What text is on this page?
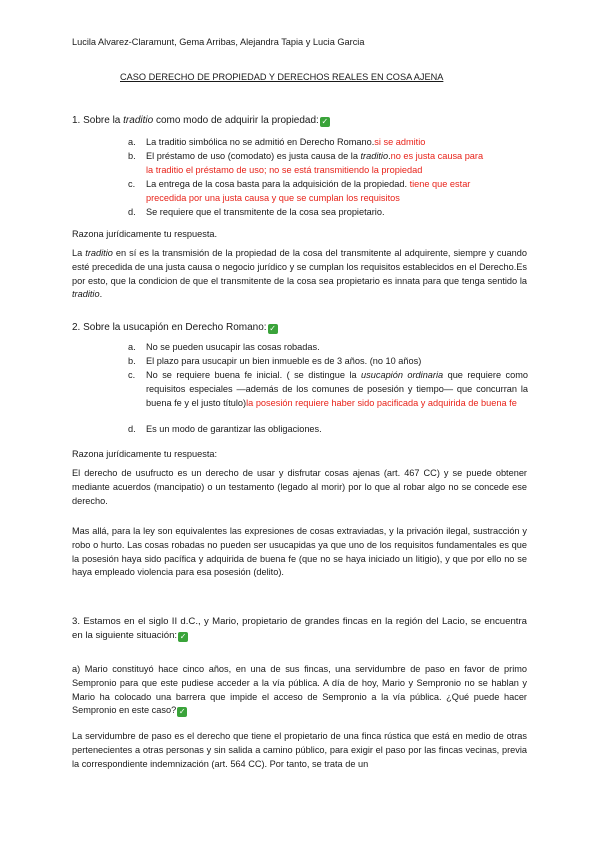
Lucila Alvarez-Claramunt, Gema Arribas, Alejandra Tapia y Lucia Garcia

CASO DERECHO DE PROPIEDAD Y DERECHOS REALES EN COSA AJENA

1. Sobre la traditio como modo de adquirir la propiedad: ✓

a. La traditio simbólica no se admitió en Derecho Romano.si se admitio

b. El préstamo de uso (comodato) es justa causa de la traditio.no es justa causa para

la traditio el préstamo de uso; no se está transmitiendo la propiedad

c. La entrega de la cosa basta para la adquisición de la propiedad. tiene que estar

precedida por una justa causa y que se cumplan los requisitos

d. Se requiere que el transmitente de la cosa sea propietario.

Razona jurídicamente tu respuesta.

La traditio en sí es la transmisión de la propiedad de la cosa del transmitente al adquirente, siempre y cuando esté precedida de una justa causa o negocio jurídico y se cumplan los requisitos establecidos en el Derecho.Es por esto, que la condicion de que el transmitente de la cosa sea propietario es innata para que tenga sentido la traditio.

2. Sobre la usucapión en Derecho Romano: ✓

a. No se pueden usucapir las cosas robadas.

b. El plazo para usucapir un bien inmueble es de 3 años. (no 10 años)

c. No se requiere buena fe inicial. ( se distingue la usucapión ordinaria que requiere como requisitos especiales —además de los comunes de posesión y tiempo— que concurran la buena fe y el justo título)la posesión requiere haber sido pacificada y adquirida de buena fe

d. Es un modo de garantizar las obligaciones.

Razona jurídicamente tu respuesta:

El derecho de usufructo es un derecho de usar y disfrutar cosas ajenas (art. 467 CC) y se puede obtener mediante acuerdos (mancipatio) o un testamento (legado al morir) por lo que al robar algo no se concede ese derecho.

Mas allá, para la ley son equivalentes las expresiones de cosas extraviadas, y la privación ilegal, sustracción y robo o hurto. Las cosas robadas no pueden ser usucapidas ya que uno de los requisitos fundamentales es que la posesión haya sido pacífica y adquirida de buena fe (que no se haya iniciado un litigio), y que por ello no se haya empleado violencia para esa posesión (delito).

3. Estamos en el siglo II d.C., y Mario, propietario de grandes fincas en la región del Lacio, se encuentra en la siguiente situación: ✓

a) Mario constituyó hace cinco años, en una de sus fincas, una servidumbre de paso en favor de primo Sempronio para que este pudiese acceder a la vía pública. A día de hoy, Mario y Sempronio no se hablan y Mario ha colocado una barrera que impide el acceso de Sempronio a la vía pública. ¿Qué puede hacer Sempronio en este caso? ✓

La servidumbre de paso es el derecho que tiene el propietario de una finca rústica que está en medio de otras pertenecientes a otras personas y sin salida a camino público, para exigir el paso por las fincas vecinas, previa la correspondiente indemnización (art. 564 CC). Por tanto, se trata de un
